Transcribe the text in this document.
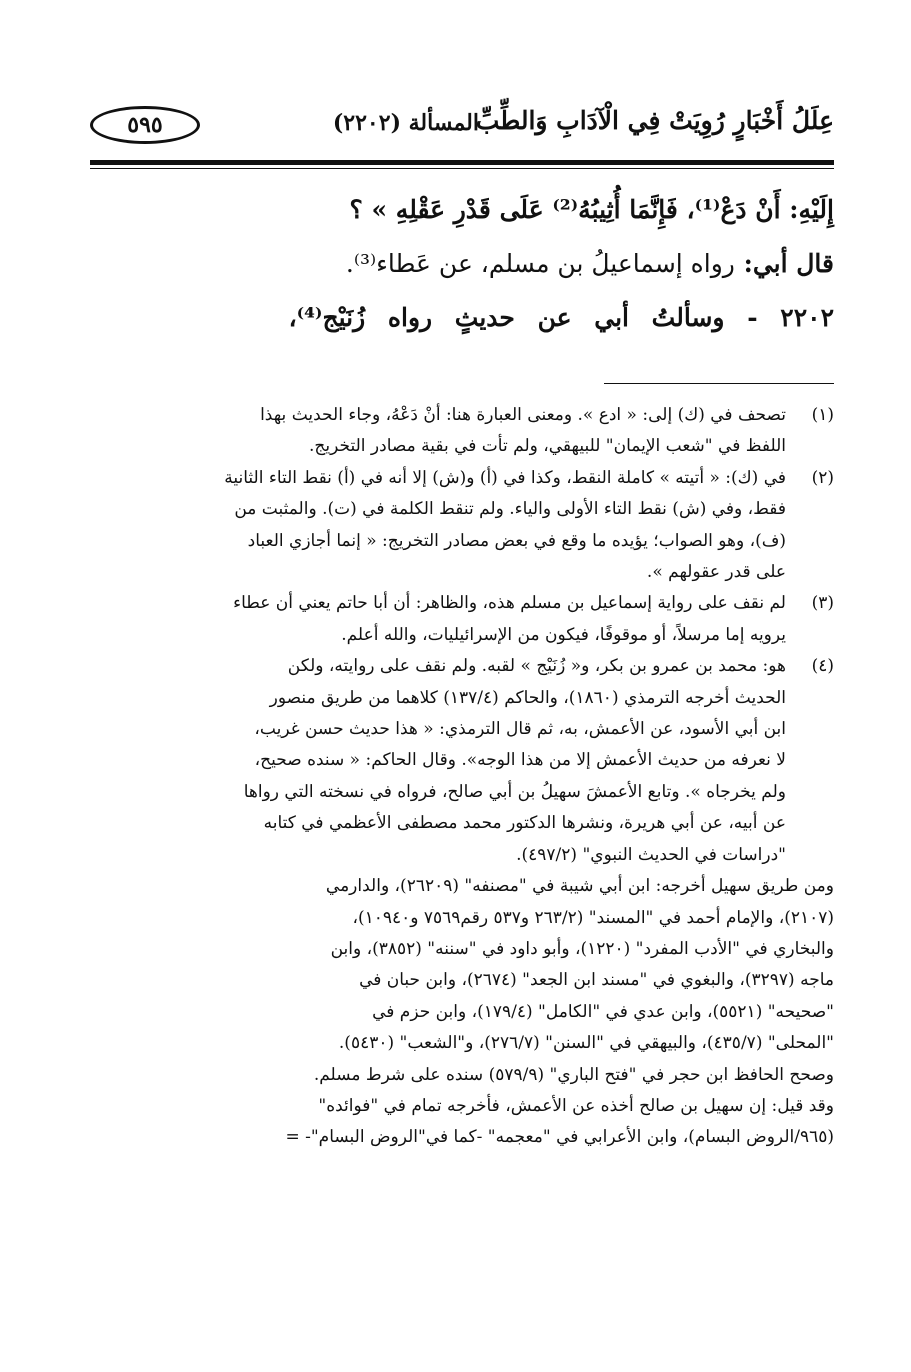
عِلَلُ أَخْبَارٍ رُوِيَتْ فِي الْآدَابِ وَالطِّبِّ
المسألة (٢٢٠٢)
٥٩٥
إِلَيْهِ: أَنْ دَعْ⁽¹⁾، فَإِنَّمَا أُثِيبُهُ⁽²⁾ عَلَى قَدْرِ عَقْلِهِ » ؟
قال أبي: رواه إسماعيلُ بن مسلم، عن عَطاء⁽³⁾.
٢٢٠٢ - وسألتُ أبي عن حديثٍ رواه زُنَيْج⁽⁴⁾،
(١)
تصحف في (ك) إلى: « ادع ». ومعنى العبارة هنا: أنْ دَعْهُ، وجاء الحديث بهذا
اللفظ في "شعب الإيمان" للبيهقي، ولم تأت في بقية مصادر التخريج.
(٢)
في (ك): « أتيته » كاملة النقط، وكذا في (أ) و(ش) إلا أنه في (أ) نقط التاء الثانية
فقط، وفي (ش) نقط التاء الأولى والياء. ولم تنقط الكلمة في (ت). والمثبت من
(ف)، وهو الصواب؛ يؤيده ما وقع في بعض مصادر التخريج: « إنما أجازي العباد
على قدر عقولهم ».
(٣)
لم نقف على رواية إسماعيل بن مسلم هذه، والظاهر: أن أبا حاتم يعني أن عطاء
يرويه إما مرسلاً، أو موقوفًا، فيكون من الإسرائيليات، والله أعلم.
(٤)
هو: محمد بن عمرو بن بكر، و« زُنَيْج » لقبه. ولم نقف على روايته، ولكن
الحديث أخرجه الترمذي (١٨٦٠)، والحاكم (١٣٧/٤) كلاهما من طريق منصور
ابن أبي الأسود، عن الأعمش، به، ثم قال الترمذي: « هذا حديث حسن غريب،
لا نعرفه من حديث الأعمش إلا من هذا الوجه». وقال الحاكم: « سنده صحيح،
ولم يخرجاه ». وتابع الأعمشَ سهيلُ بن أبي صالح، فرواه في نسخته التي رواها
عن أبيه، عن أبي هريرة، ونشرها الدكتور محمد مصطفى الأعظمي في كتابه
"دراسات في الحديث النبوي" (٤٩٧/٢).
ومن طريق سهيل أخرجه: ابن أبي شيبة في "مصنفه" (٢٦٢٠٩)، والدارمي
(٢١٠٧)، والإمام أحمد في "المسند" (٢٦٣/٢ و٥٣٧ رقم٧٥٦٩ و١٠٩٤٠)،
والبخاري في "الأدب المفرد" (١٢٢٠)، وأبو داود في "سننه" (٣٨٥٢)، وابن
ماجه (٣٢٩٧)، والبغوي في "مسند ابن الجعد" (٢٦٧٤)، وابن حبان في
"صحيحه" (٥٥٢١)، وابن عدي في "الكامل" (١٧٩/٤)، وابن حزم في
"المحلى" (٤٣٥/٧)، والبيهقي في "السنن" (٢٧٦/٧)، و"الشعب" (٥٤٣٠).
وصحح الحافظ ابن حجر في "فتح الباري" (٥٧٩/٩) سنده على شرط مسلم.
وقد قيل: إن سهيل بن صالح أخذه عن الأعمش، فأخرجه تمام في "فوائده"
(٩٦٥/الروض البسام)، وابن الأعرابي في "معجمه" -كما في"الروض البسام"- =
